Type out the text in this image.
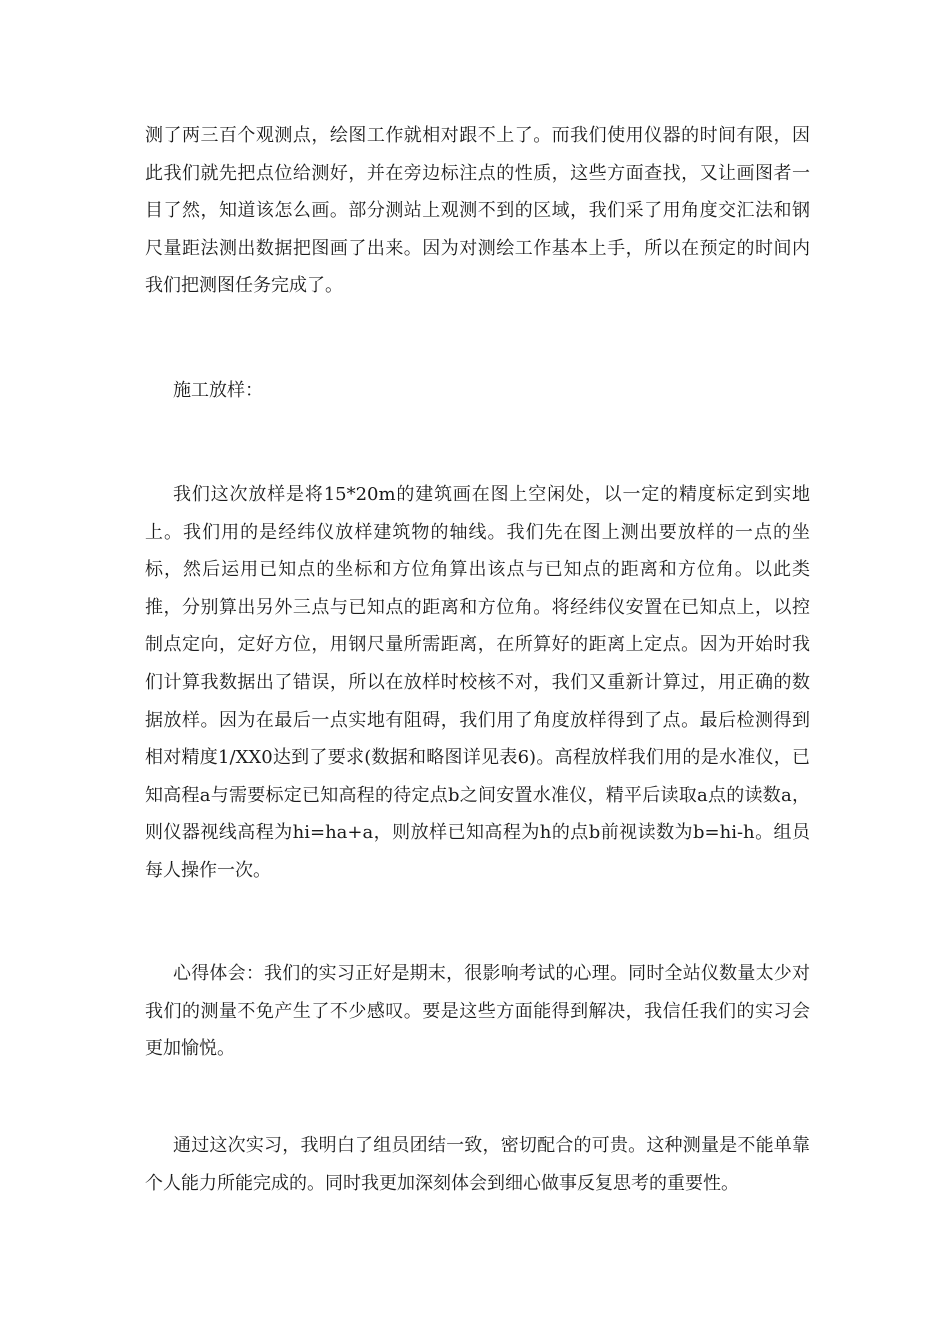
测了两三百个观测点，绘图工作就相对跟不上了。而我们使用仪器的时间有限，因此我们就先把点位给测好，并在旁边标注点的性质，这些方面查找，又让画图者一目了然，知道该怎么画。部分测站上观测不到的区域，我们采了用角度交汇法和钢尺量距法测出数据把图画了出来。因为对测绘工作基本上手，所以在预定的时间内我们把测图任务完成了。

施工放样：

我们这次放样是将15*20m的建筑画在图上空闲处，以一定的精度标定到实地上。我们用的是经纬仪放样建筑物的轴线。我们先在图上测出要放样的一点的坐标，然后运用已知点的坐标和方位角算出该点与已知点的距离和方位角。以此类推，分别算出另外三点与已知点的距离和方位角。将经纬仪安置在已知点上，以控制点定向，定好方位，用钢尺量所需距离，在所算好的距离上定点。因为开始时我们计算我数据出了错误，所以在放样时校核不对，我们又重新计算过，用正确的数据放样。因为在最后一点实地有阻碍，我们用了角度放样得到了点。最后检测得到相对精度1/XX0达到了要求(数据和略图详见表6)。高程放样我们用的是水准仪，已知高程a与需要标定已知高程的待定点b之间安置水准仪，精平后读取a点的读数a，则仪器视线高程为hi=ha+a，则放样已知高程为h的点b前视读数为b=hi-h。组员每人操作一次。

心得体会：我们的实习正好是期末，很影响考试的心理。同时全站仪数量太少对我们的测量不免产生了不少感叹。要是这些方面能得到解决，我信任我们的实习会更加愉悦。

通过这次实习，我明白了组员团结一致，密切配合的可贵。这种测量是不能单靠个人能力所能完成的。同时我更加深刻体会到细心做事反复思考的重要性。
